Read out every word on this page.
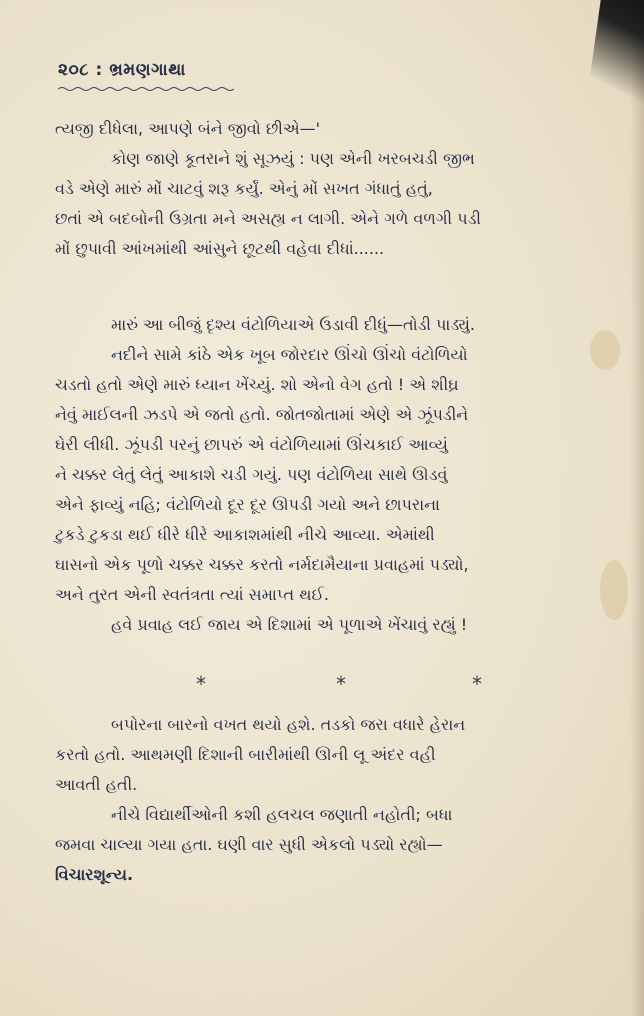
૨૦૮ : ભ્રમણગાથા

ત્યજી દીધેલા, આપણે બંને જીવો છીએ—'

કોણ જાણે કૂતરાને શું સૂઝયું : પણ એની ખરબચડી જીભ

વડે એણે મારું મોં ચાટવું શરૂ કર્યું. એનું મોં સખત ગંધાતું હતું,

છતાં એ બદબોની ઉગ્રતા મને અસહ્ય ન લાગી. એને ગળે વળગી પડી

મોં છુપાવી આંખમાંથી આંસુને છૂટથી વહેવા દીધાં......

મારું આ બીજું દૃશ્ય વંટોળિયાએ ઉડાવી દીધું—તોડી પાડ્યું.

નદીને સામે કાંઠે એક ખૂબ જોરદાર ઊંચો ઊંચો વંટોળિયો

ચડતો હતો એણે મારું ધ્યાન ખેંચ્યું. શો એનો વેગ હતો ! એ શીઘ્ર

નેવું માઈલની ઝડપે એ જતો હતો. જોતજોતામાં એણે એ ઝૂંપડીને

ઘેરી લીધી. ઝૂંપડી પરનું છાપરું એ વંટોળિયામાં ઊંચકાઈ આવ્યું

ને ચક્કર લેતું લેતું આકાશે ચડી ગયું. પણ વંટોળિયા સાથે ઊડવું

એને ફાવ્યું નહિ; વંટોળિયો દૂર દૂર ઊપડી ગયો અને છાપરાના

ટુકડે ટુકડા થઈ ધીરે ધીરે આકાશમાંથી નીચે આવ્યા. એમાંથી

ઘાસનો એક પૂળો ચક્કર ચક્કર કરતો નર્મદામૈયાના પ્રવાહમાં પડ્યો,

અને તુરત એની સ્વતંત્રતા ત્યાં સમાપ્ત થઈ.

હવે પ્રવાહ લઈ જાય એ દિશામાં એ પૂળાએ ખેંચાવું રહ્યું !

*	*	*

બપોરના બારનો વખત થયો હશે. તડકો જરા વધારે હેરાન

કરતો હતો. આથમણી દિશાની બારીમાંથી ઊની લૂ અંદર વહી

આવતી હતી.

નીચે વિદ્યાર્થીઓની કશી હલચલ જણાતી નહોતી; બધા

જમવા ચાલ્યા ગયા હતા. ઘણી વાર સુધી એકલો પડ્યો રહ્યો—

વિચારશૂન્ય.
